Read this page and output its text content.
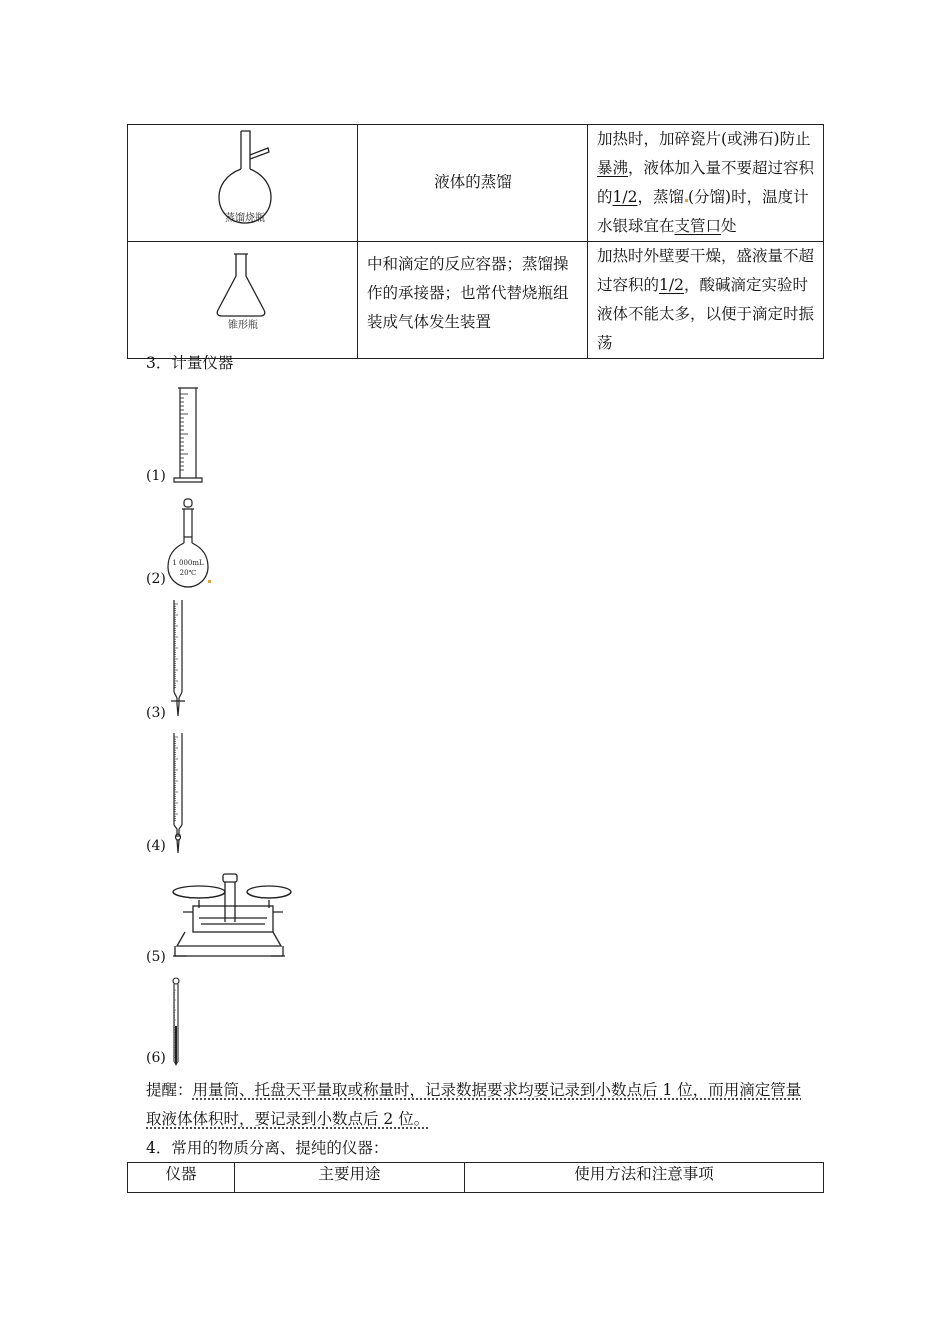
蒸馏烧瓶	液体的蒸馏	加热时，加碎瓷片(或沸石)防止暴沸，液体加入量不要超过容积的1/2，蒸馏 (分馏)时，温度计水银球宜在支管口处

锥形瓶	中和滴定的反应容器；蒸馏操作的承接器；也常代替烧瓶组装成气体发生装置	加热时外壁要干燥，盛液量不超过容积的1/2，酸碱滴定实验时液体不能太多，以便于滴定时振荡
3．计量仪器
(1)
1 000mL
20℃
(2)
(3)
(4)
(5)
(6)
提醒：用量筒、托盘天平量取或称量时，记录数据要求均要记录到小数点后 1 位，而用滴定管量取液体体积时，要记录到小数点后 2 位。
4．常用的物质分离、提纯的仪器：
仪器	主要用途	使用方法和注意事项
